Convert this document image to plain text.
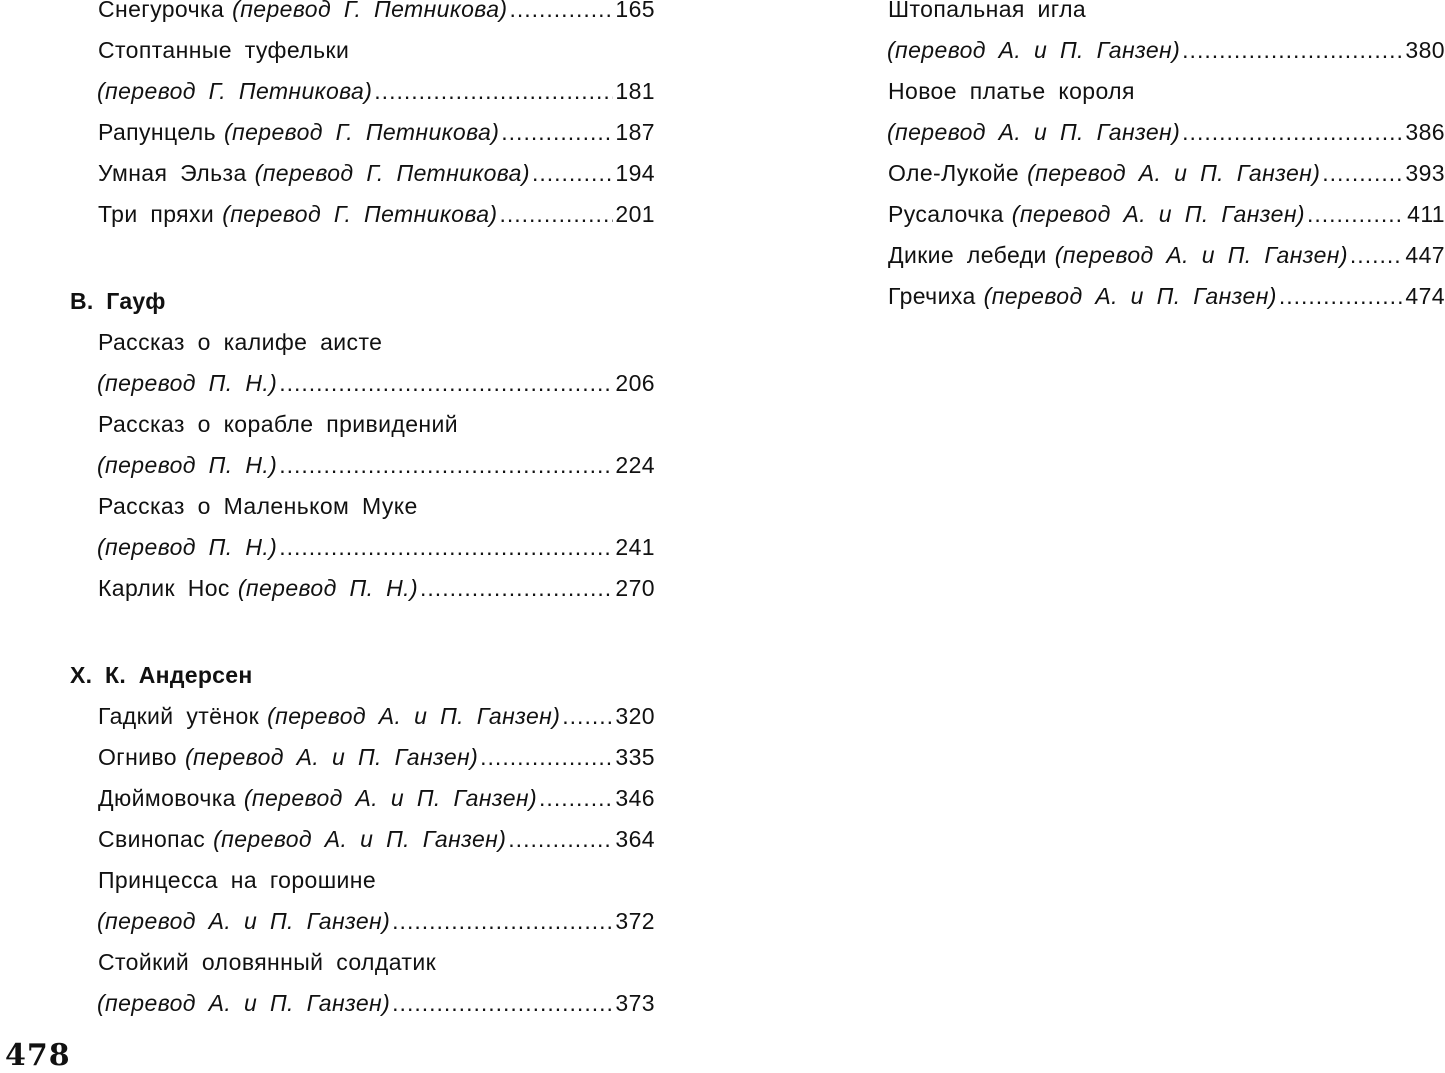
Снегурочка (перевод Г. Петникова) .....	165
Стоптанные туфельки
(перевод Г. Петникова) .....	181
Рапунцель (перевод Г. Петникова) .....	187
Умная Эльза (перевод Г. Петникова) .....	194
Три пряхи (перевод Г. Петникова) .....	201
В. Гауф
Рассказ о калифе аисте
(перевод П. Н.) .....	206
Рассказ о корабле привидений
(перевод П. Н.) .....	224
Рассказ о Маленьком Муке
(перевод П. Н.) .....	241
Карлик Нос (перевод П. Н.) .....	270
Х. К. Андерсен
Гадкий утёнок (перевод А. и П. Ганзен) ..... 320
Огниво (перевод А. и П. Ганзен) .....	335
Дюймовочка (перевод А. и П. Ганзен) .....	346
Свинопас (перевод А. и П. Ганзен) .....	364
Принцесса на горошине
(перевод А. и П. Ганзен) .....	372
Стойкий оловянный солдатик
(перевод А. и П. Ганзен) .....	373
Штопальная игла
(перевод А. и П. Ганзен) .....	380
Новое платье короля
(перевод А. и П. Ганзен) .....	386
Оле-Лукойе (перевод А. и П. Ганзен) .....	393
Русалочка (перевод А. и П. Ганзен) .....	411
Дикие лебеди (перевод А. и П. Ганзен) .....	447
Гречиха (перевод А. и П. Ганзен) .....	474
478
